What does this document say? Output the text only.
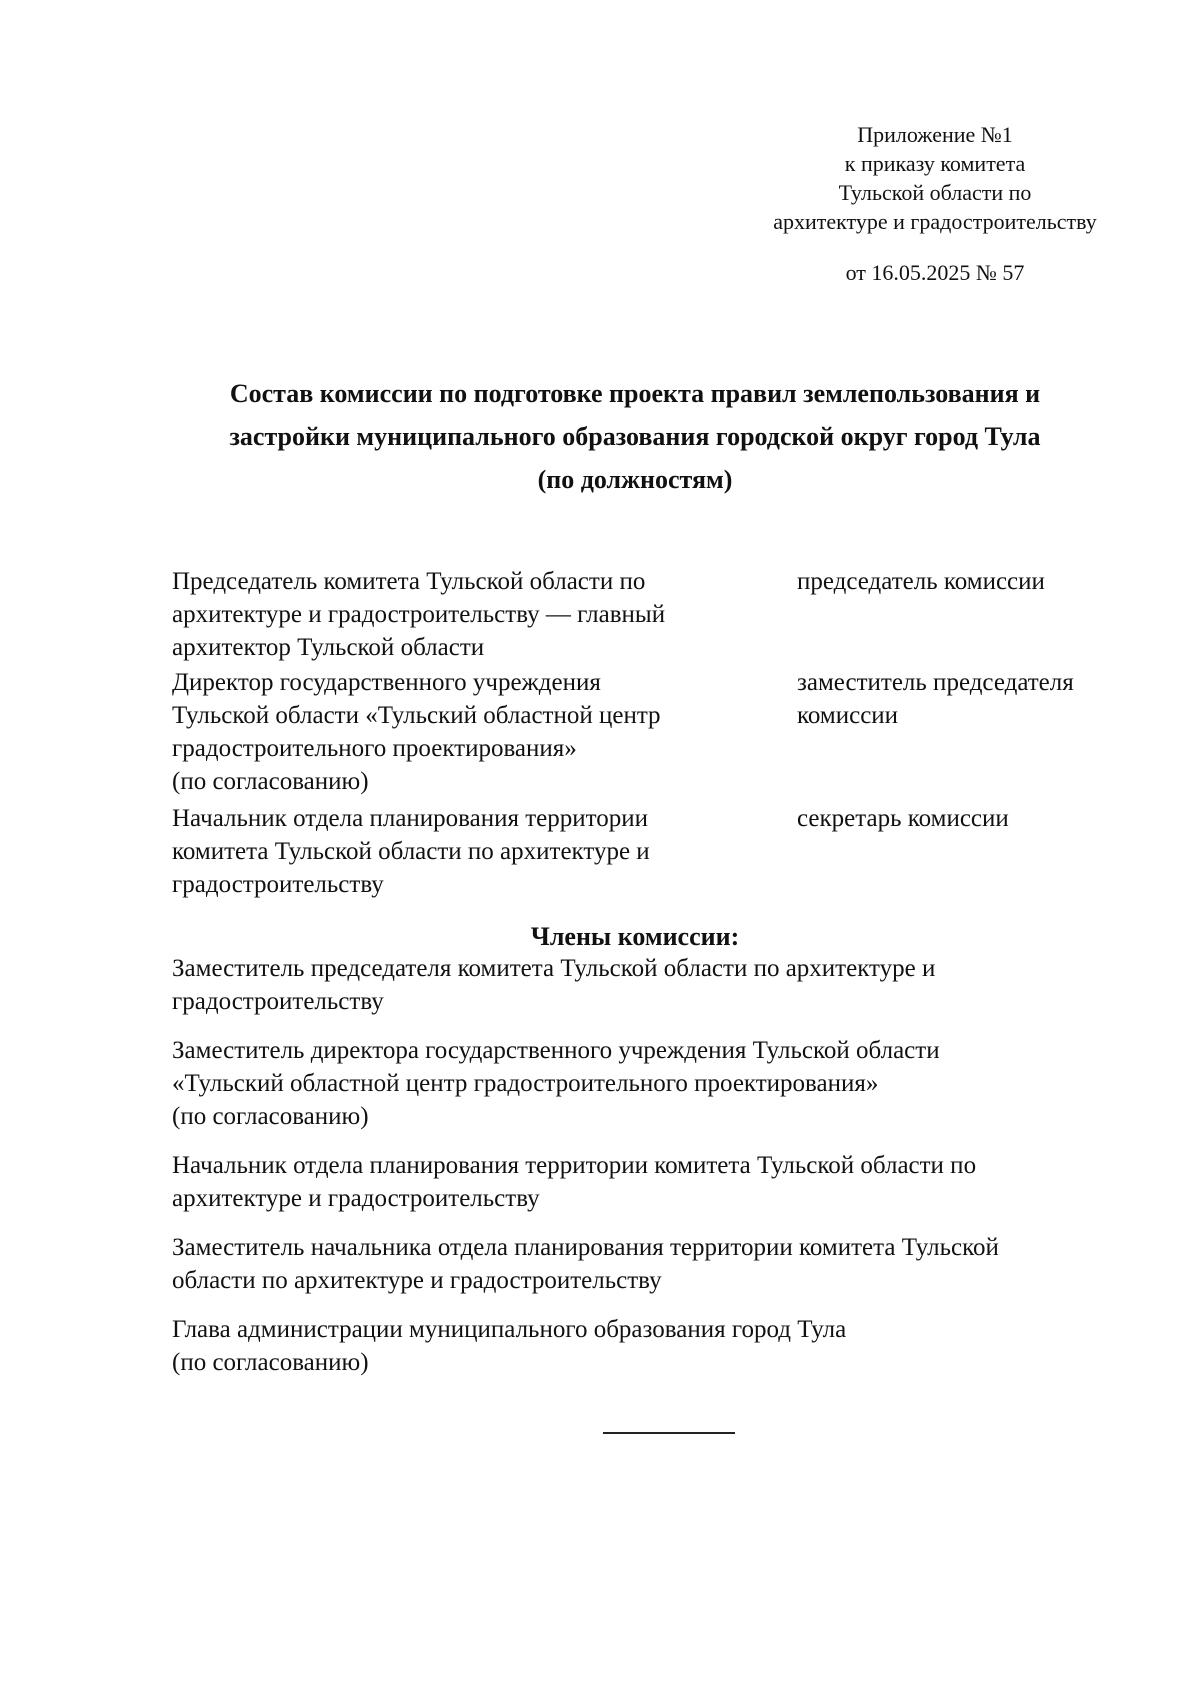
Приложение №1
к приказу комитета
Тульской области по
архитектуре и градостроительству
от 16.05.2025 № 57
Состав комиссии по подготовке проекта правил землепользования и
застройки муниципального образования городской округ город Тула
(по должностям)
Председатель комитета Тульской области по
архитектуре и градостроительству — главный
архитектор Тульской области
председатель комиссии
Директор государственного учреждения
Тульской области «Тульский областной центр
градостроительного проектирования»
(по согласованию)
заместитель председателя
комиссии
Начальник отдела планирования территории
комитета Тульской области по архитектуре и
градостроительству
секретарь комиссии
Члены комиссии:
Заместитель председателя комитета Тульской области по архитектуре и
градостроительству
Заместитель директора государственного учреждения Тульской области
«Тульский областной центр градостроительного проектирования»
(по согласованию)
Начальник отдела планирования территории комитета Тульской области по
архитектуре и градостроительству
Заместитель начальника отдела планирования территории комитета Тульской
области по архитектуре и градостроительству
Глава администрации муниципального образования город Тула
(по согласованию)
